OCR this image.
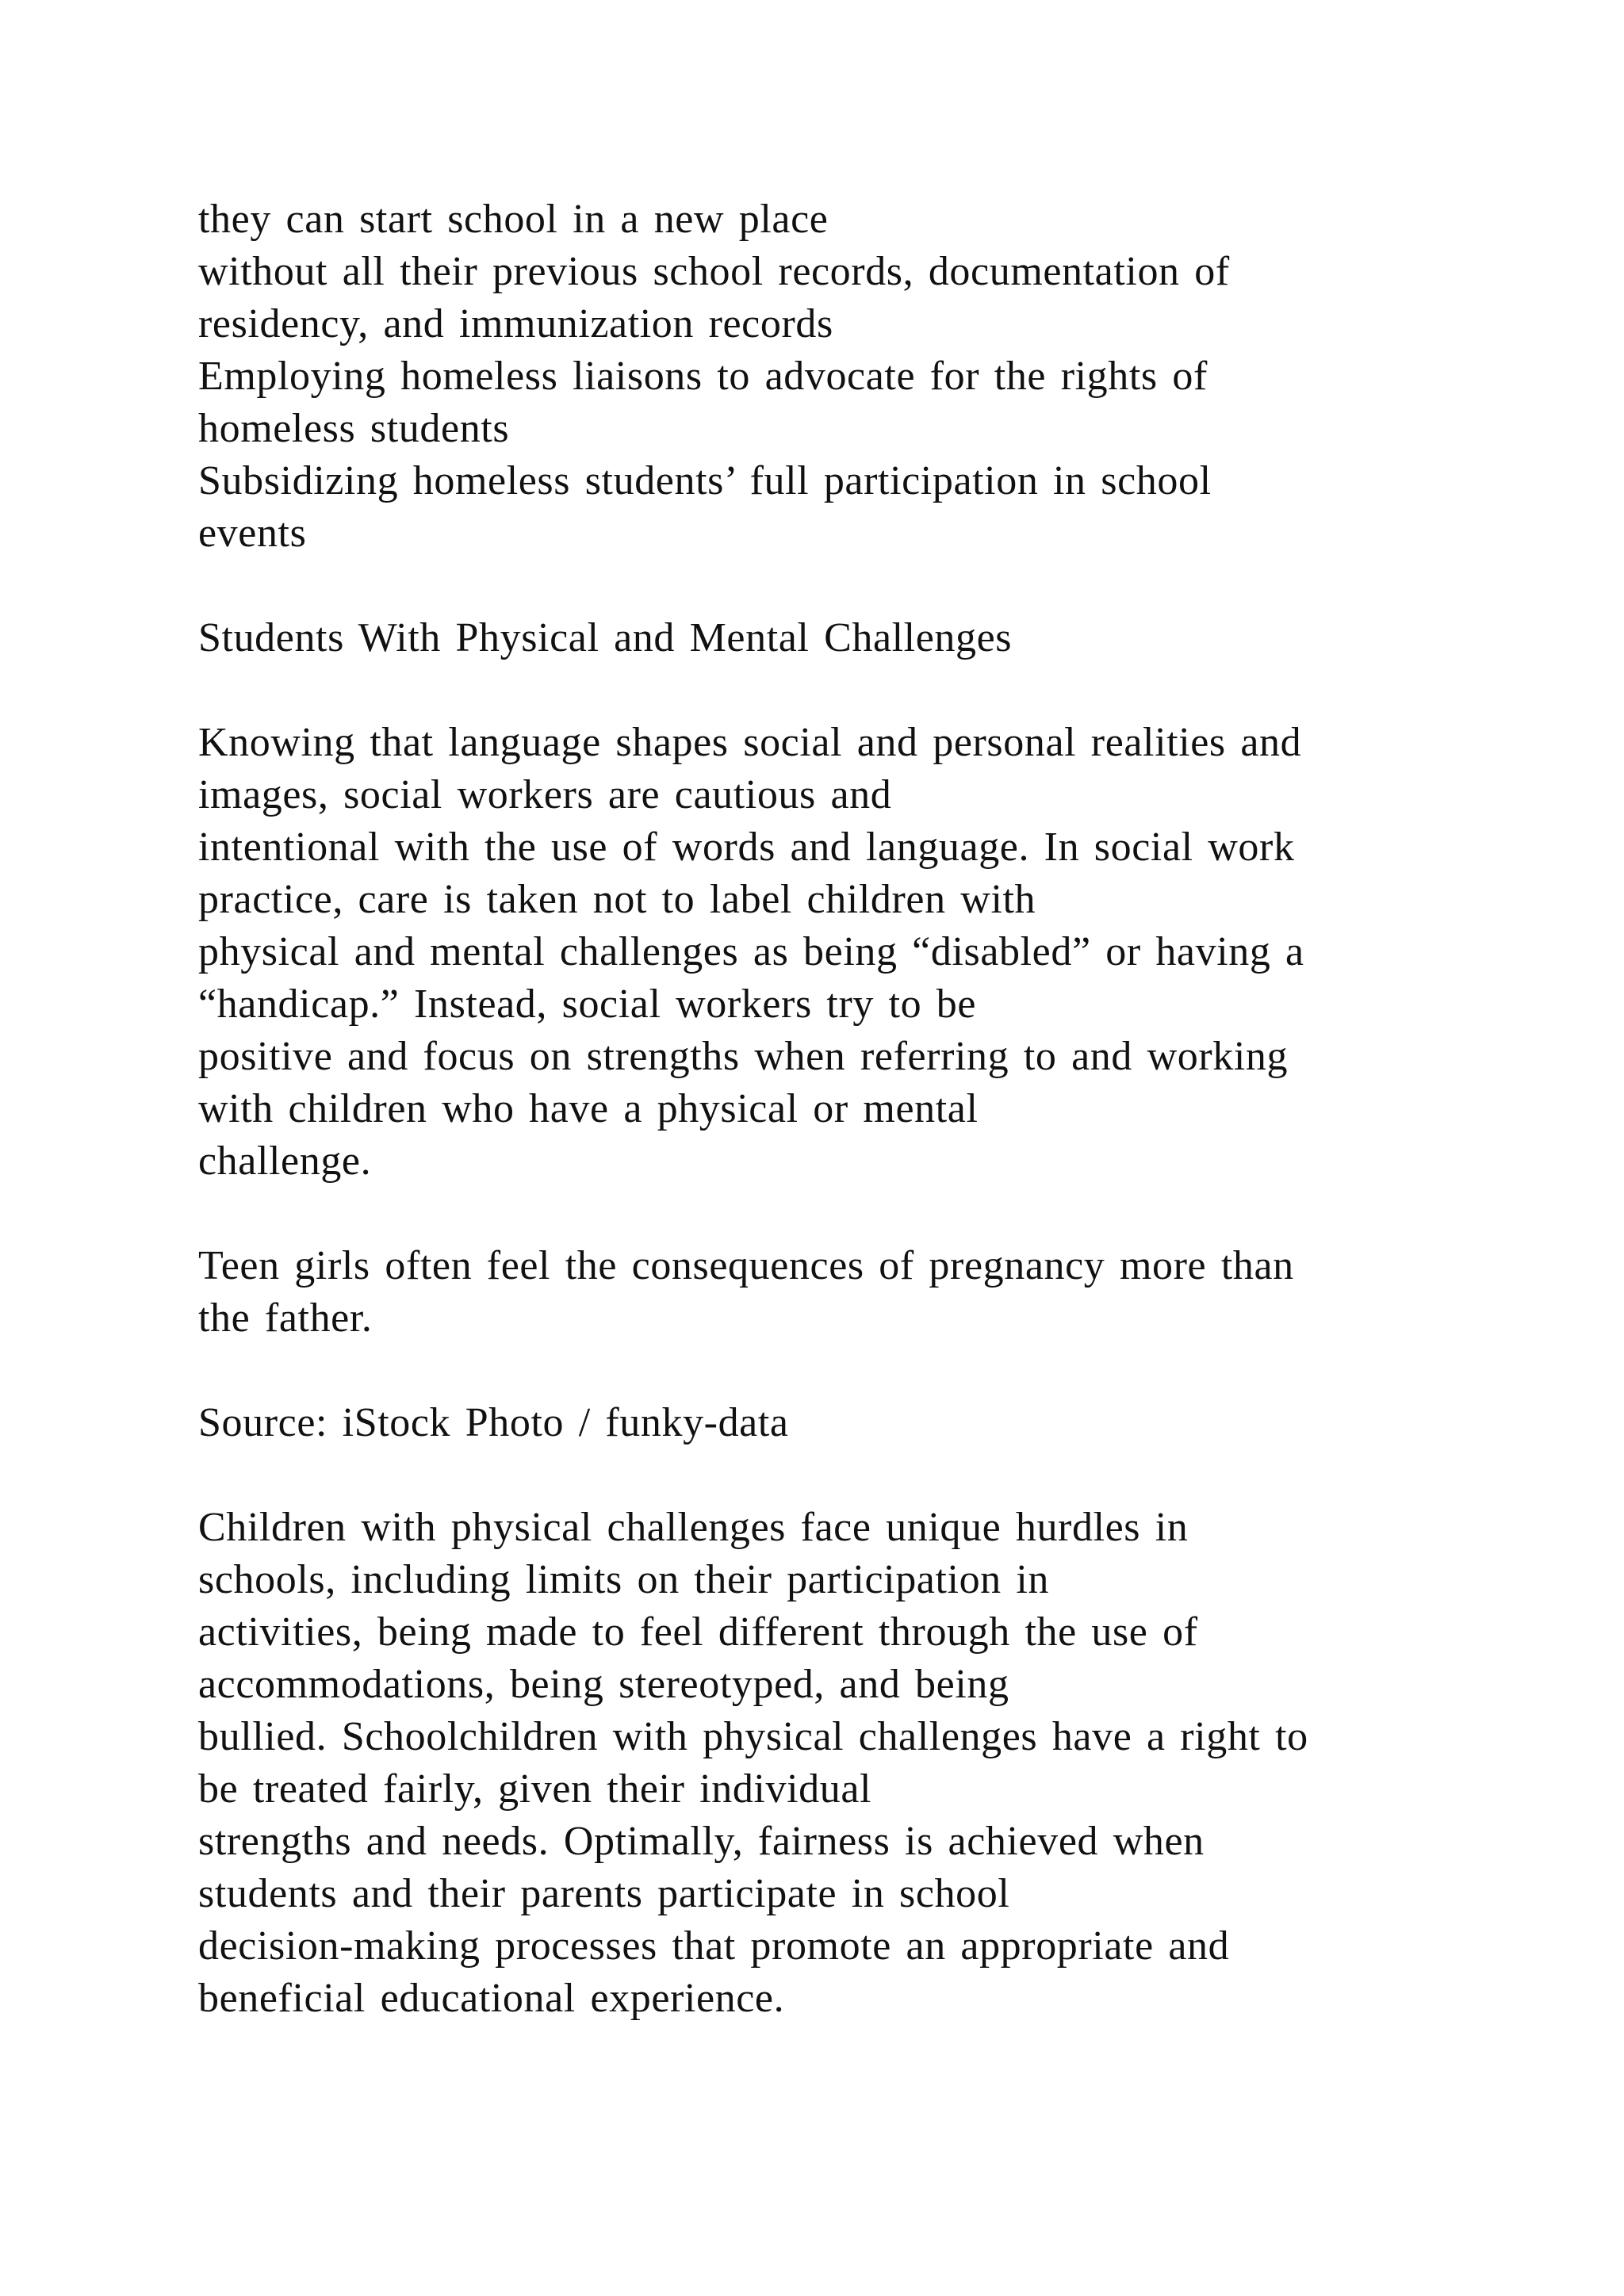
they can start school in a new place
without all their previous school records, documentation of
residency, and immunization records
Employing homeless liaisons to advocate for the rights of
homeless students
Subsidizing homeless students’ full participation in school
events
Students With Physical and Mental Challenges
Knowing that language shapes social and personal realities and
images, social workers are cautious and
intentional with the use of words and language. In social work
practice, care is taken not to label children with
physical and mental challenges as being “disabled” or having a
“handicap.” Instead, social workers try to be
positive and focus on strengths when referring to and working
with children who have a physical or mental
challenge.
Teen girls often feel the consequences of pregnancy more than
the father.
Source: iStock Photo / funky-data
Children with physical challenges face unique hurdles in
schools, including limits on their participation in
activities, being made to feel different through the use of
accommodations, being stereotyped, and being
bullied. Schoolchildren with physical challenges have a right to
be treated fairly, given their individual
strengths and needs. Optimally, fairness is achieved when
students and their parents participate in school
decision-making processes that promote an appropriate and
beneficial educational experience.
